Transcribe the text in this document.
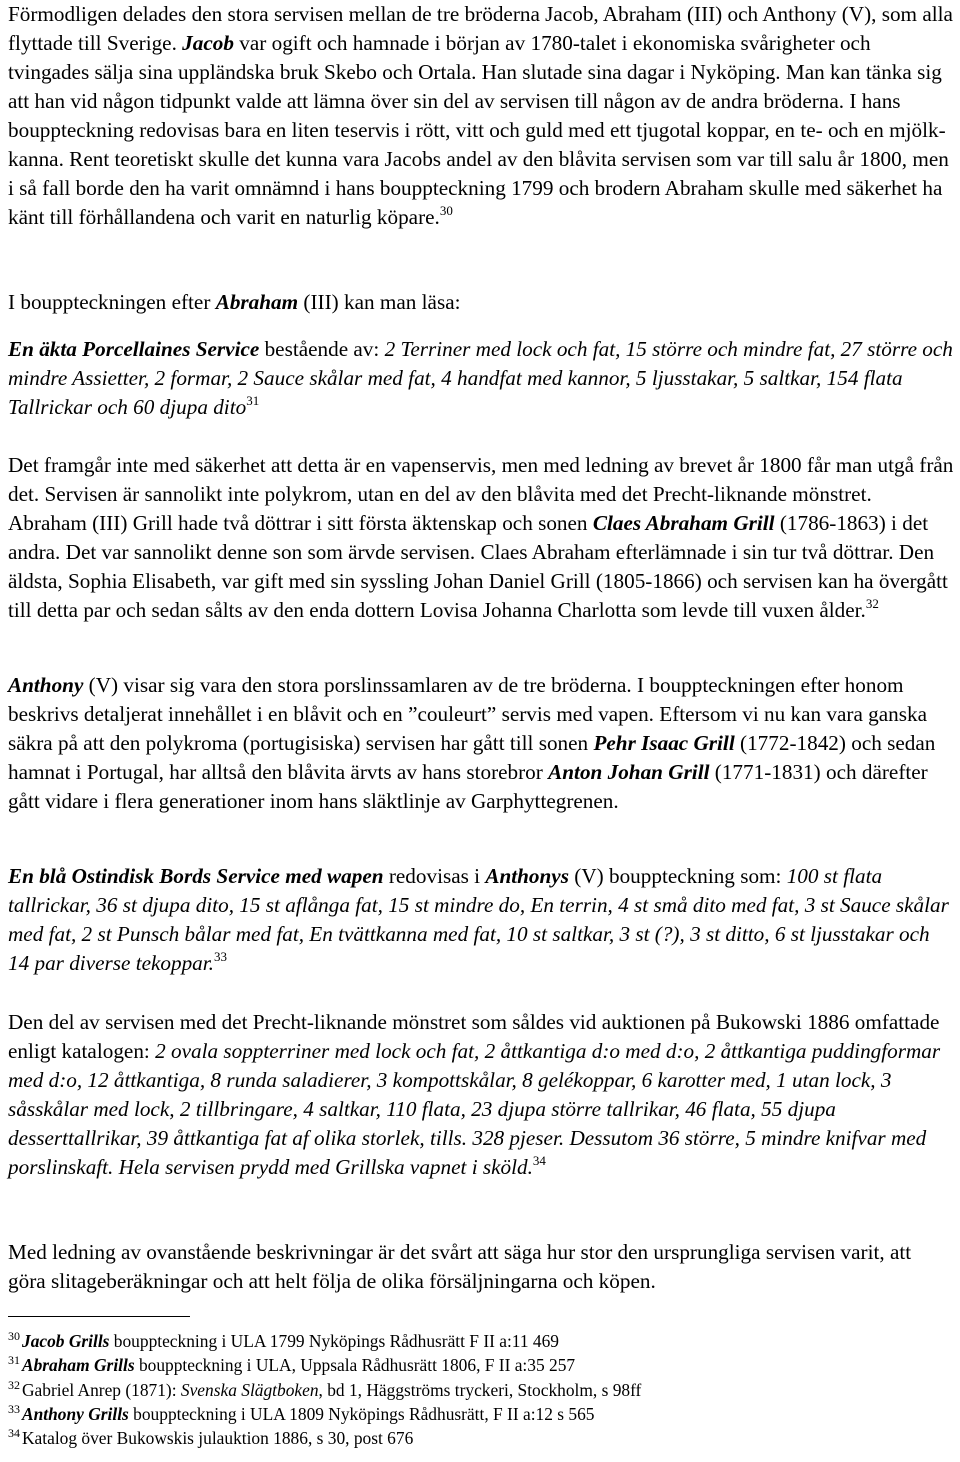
Förmodligen delades den stora servisen mellan de tre bröderna Jacob, Abraham (III) och Anthony (V), som alla flyttade till Sverige. Jacob var ogift och hamnade i början av 1780-talet i ekonomiska svårigheter och tvingades sälja sina uppländska bruk Skebo och Ortala. Han slutade sina dagar i Nyköping. Man kan tänka sig att han vid någon tidpunkt valde att lämna över sin del av servisen till någon av de andra bröderna. I hans bouppteckning redovisas bara en liten teservis i rött, vitt och guld med ett tjugotal koppar, en te- och en mjölk-kanna. Rent teoretiskt skulle det kunna vara Jacobs andel av den blåvita servisen som var till salu år 1800, men i så fall borde den ha varit omnämnd i hans bouppteckning 1799 och brodern Abraham skulle med säkerhet ha känt till förhållandena och varit en naturlig köpare.$^{30}$

I bouppteckningen efter Abraham (III) kan man läsa:

En äkta Porcellaines Service bestående av: 2 Terriner med lock och fat, 15 större och mindre fat, 27 större och mindre Assietter, 2 formar, 2 Sauce skålar med fat, 4 handfat med kannor, 5 ljusstakar, 5 saltkar, 154 flata Tallrickar och 60 djupa dito$^{31}$

Det framgår inte med säkerhet att detta är en vapenservis, men med ledning av brevet år 1800 får man utgå från det. Servisen är sannolikt inte polykrom, utan en del av den blåvita med det Precht-liknande mönstret. Abraham (III) Grill hade två döttrar i sitt första äktenskap och sonen Claes Abraham Grill (1786-1863) i det andra. Det var sannolikt denne son som ärvde servisen. Claes Abraham efterlämnade i sin tur två döttrar. Den äldsta, Sophia Elisabeth, var gift med sin syssling Johan Daniel Grill (1805-1866) och servisen kan ha övergått till detta par och sedan sålts av den enda dottern Lovisa Johanna Charlotta som levde till vuxen ålder.$^{32}$

Anthony (V) visar sig vara den stora porslinssamlaren av de tre bröderna. I bouppteckningen efter honom beskrivs detaljerat innehållet i en blåvit och en ”couleurt” servis med vapen. Eftersom vi nu kan vara ganska säkra på att den polykroma (portugisiska) servisen har gått till sonen Pehr Isaac Grill (1772-1842) och sedan hamnat i Portugal, har alltså den blåvita ärvts av hans storebror Anton Johan Grill (1771-1831) och därefter gått vidare i flera generationer inom hans släktlinje av Garphyttegrenen.

En blå Ostindisk Bords Service med wapen redovisas i Anthonys (V) bouppteckning som: 100 st flata tallrickar, 36 st djupa dito, 15 st aflånga fat, 15 st mindre do, En terrin, 4 st små dito med fat, 3 st Sauce skålar med fat, 2 st Punsch bålar med fat, En tvättkanna med fat, 10 st saltkar, 3 st (?), 3 st ditto, 6 st ljusstakar och 14 par diverse tekoppar.$^{33}$

Den del av servisen med det Precht-liknande mönstret som såldes vid auktionen på Bukowski 1886 omfattade enligt katalogen: 2 ovala soppterriner med lock och fat, 2 åttkantiga d:o med d:o, 2 åttkantiga puddingformar med d:o, 12 åttkantiga, 8 runda saladierer, 3 kompottskålar, 8 gelékoppar, 6 karotter med, 1 utan lock, 3 såsskålar med lock, 2 tillbringare, 4 saltkar, 110 flata, 23 djupa större tallrikar, 46 flata, 55 djupa desserttallrikar, 39 åttkantiga fat af olika storlek, tills. 328 pjeser. Dessutom 36 större, 5 mindre knifvar med porslinskaft. Hela servisen prydd med Grillska vapnet i sköld.$^{34}$

Med ledning av ovanstående beskrivningar är det svårt att säga hur stor den ursprungliga servisen varit, att göra slitageberäkningar och att helt följa de olika försäljningarna och köpen.

$^{30}$ Jacob Grills bouppteckning i ULA 1799 Nyköpings Rådhusrätt F II a:11 469

$^{31}$ Abraham Grills bouppteckning i ULA, Uppsala Rådhusrätt 1806, F II a:35 257

$^{32}$ Gabriel Anrep (1871): Svenska Slägtboken, bd 1, Häggströms tryckeri, Stockholm, s 98ff

$^{33}$ Anthony Grills bouppteckning i ULA 1809 Nyköpings Rådhusrätt, F II a:12 s 565

$^{34}$ Katalog över Bukowskis julauktion 1886, s 30, post 676
